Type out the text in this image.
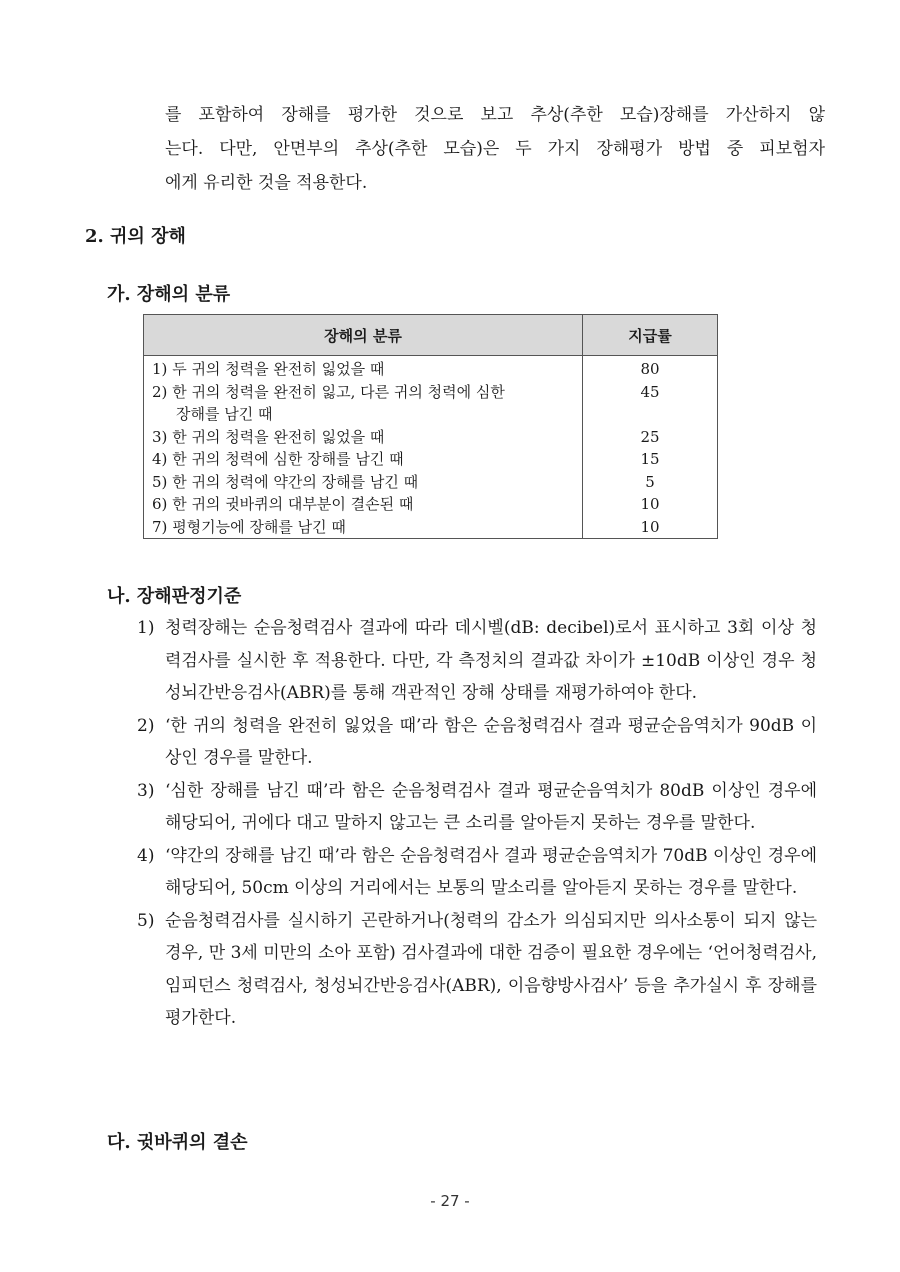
를 포함하여 장해를 평가한 것으로 보고 추상(추한 모습)장해를 가산하지 않
는다. 다만, 안면부의 추상(추한 모습)은 두 가지 장해평가 방법 중 피보험자
에게 유리한 것을 적용한다.
2. 귀의 장해
가. 장해의 분류
장해의 분류	지급률
1) 두 귀의 청력을 완전히 잃었을 때	80
2) 한 귀의 청력을 완전히 잃고, 다른 귀의 청력에 심한
장해를 남긴 때	45
3) 한 귀의 청력을 완전히 잃었을 때	25
4) 한 귀의 청력에 심한 장해를 남긴 때	15
5) 한 귀의 청력에 약간의 장해를 남긴 때	5
6) 한 귀의 귓바퀴의 대부분이 결손된 때	10
7) 평형기능에 장해를 남긴 때	10
나. 장해판정기준
1) 청력장해는 순음청력검사 결과에 따라 데시벨(dB: decibel)로서 표시하고 3회 이상 청력검사를 실시한 후 적용한다. 다만, 각 측정치의 결과값 차이가 ±10dB 이상인 경우 청성뇌간반응검사(ABR)를 통해 객관적인 장해 상태를 재평가하여야 한다.
2) ‘한 귀의 청력을 완전히 잃었을 때’라 함은 순음청력검사 결과 평균순음역치가 90dB 이상인 경우를 말한다.
3) ‘심한 장해를 남긴 때’라 함은 순음청력검사 결과 평균순음역치가 80dB 이상인 경우에 해당되어, 귀에다 대고 말하지 않고는 큰 소리를 알아듣지 못하는 경우를 말한다.
4) ‘약간의 장해를 남긴 때’라 함은 순음청력검사 결과 평균순음역치가 70dB 이상인 경우에 해당되어, 50cm 이상의 거리에서는 보통의 말소리를 알아듣지 못하는 경우를 말한다.
5) 순음청력검사를 실시하기 곤란하거나(청력의 감소가 의심되지만 의사소통이 되지 않는 경우, 만 3세 미만의 소아 포함) 검사결과에 대한 검증이 필요한 경우에는 ‘언어청력검사, 임피던스 청력검사, 청성뇌간반응검사(ABR), 이음향방사검사’ 등을 추가실시 후 장해를 평가한다.
다. 귓바퀴의 결손
- 27 -
